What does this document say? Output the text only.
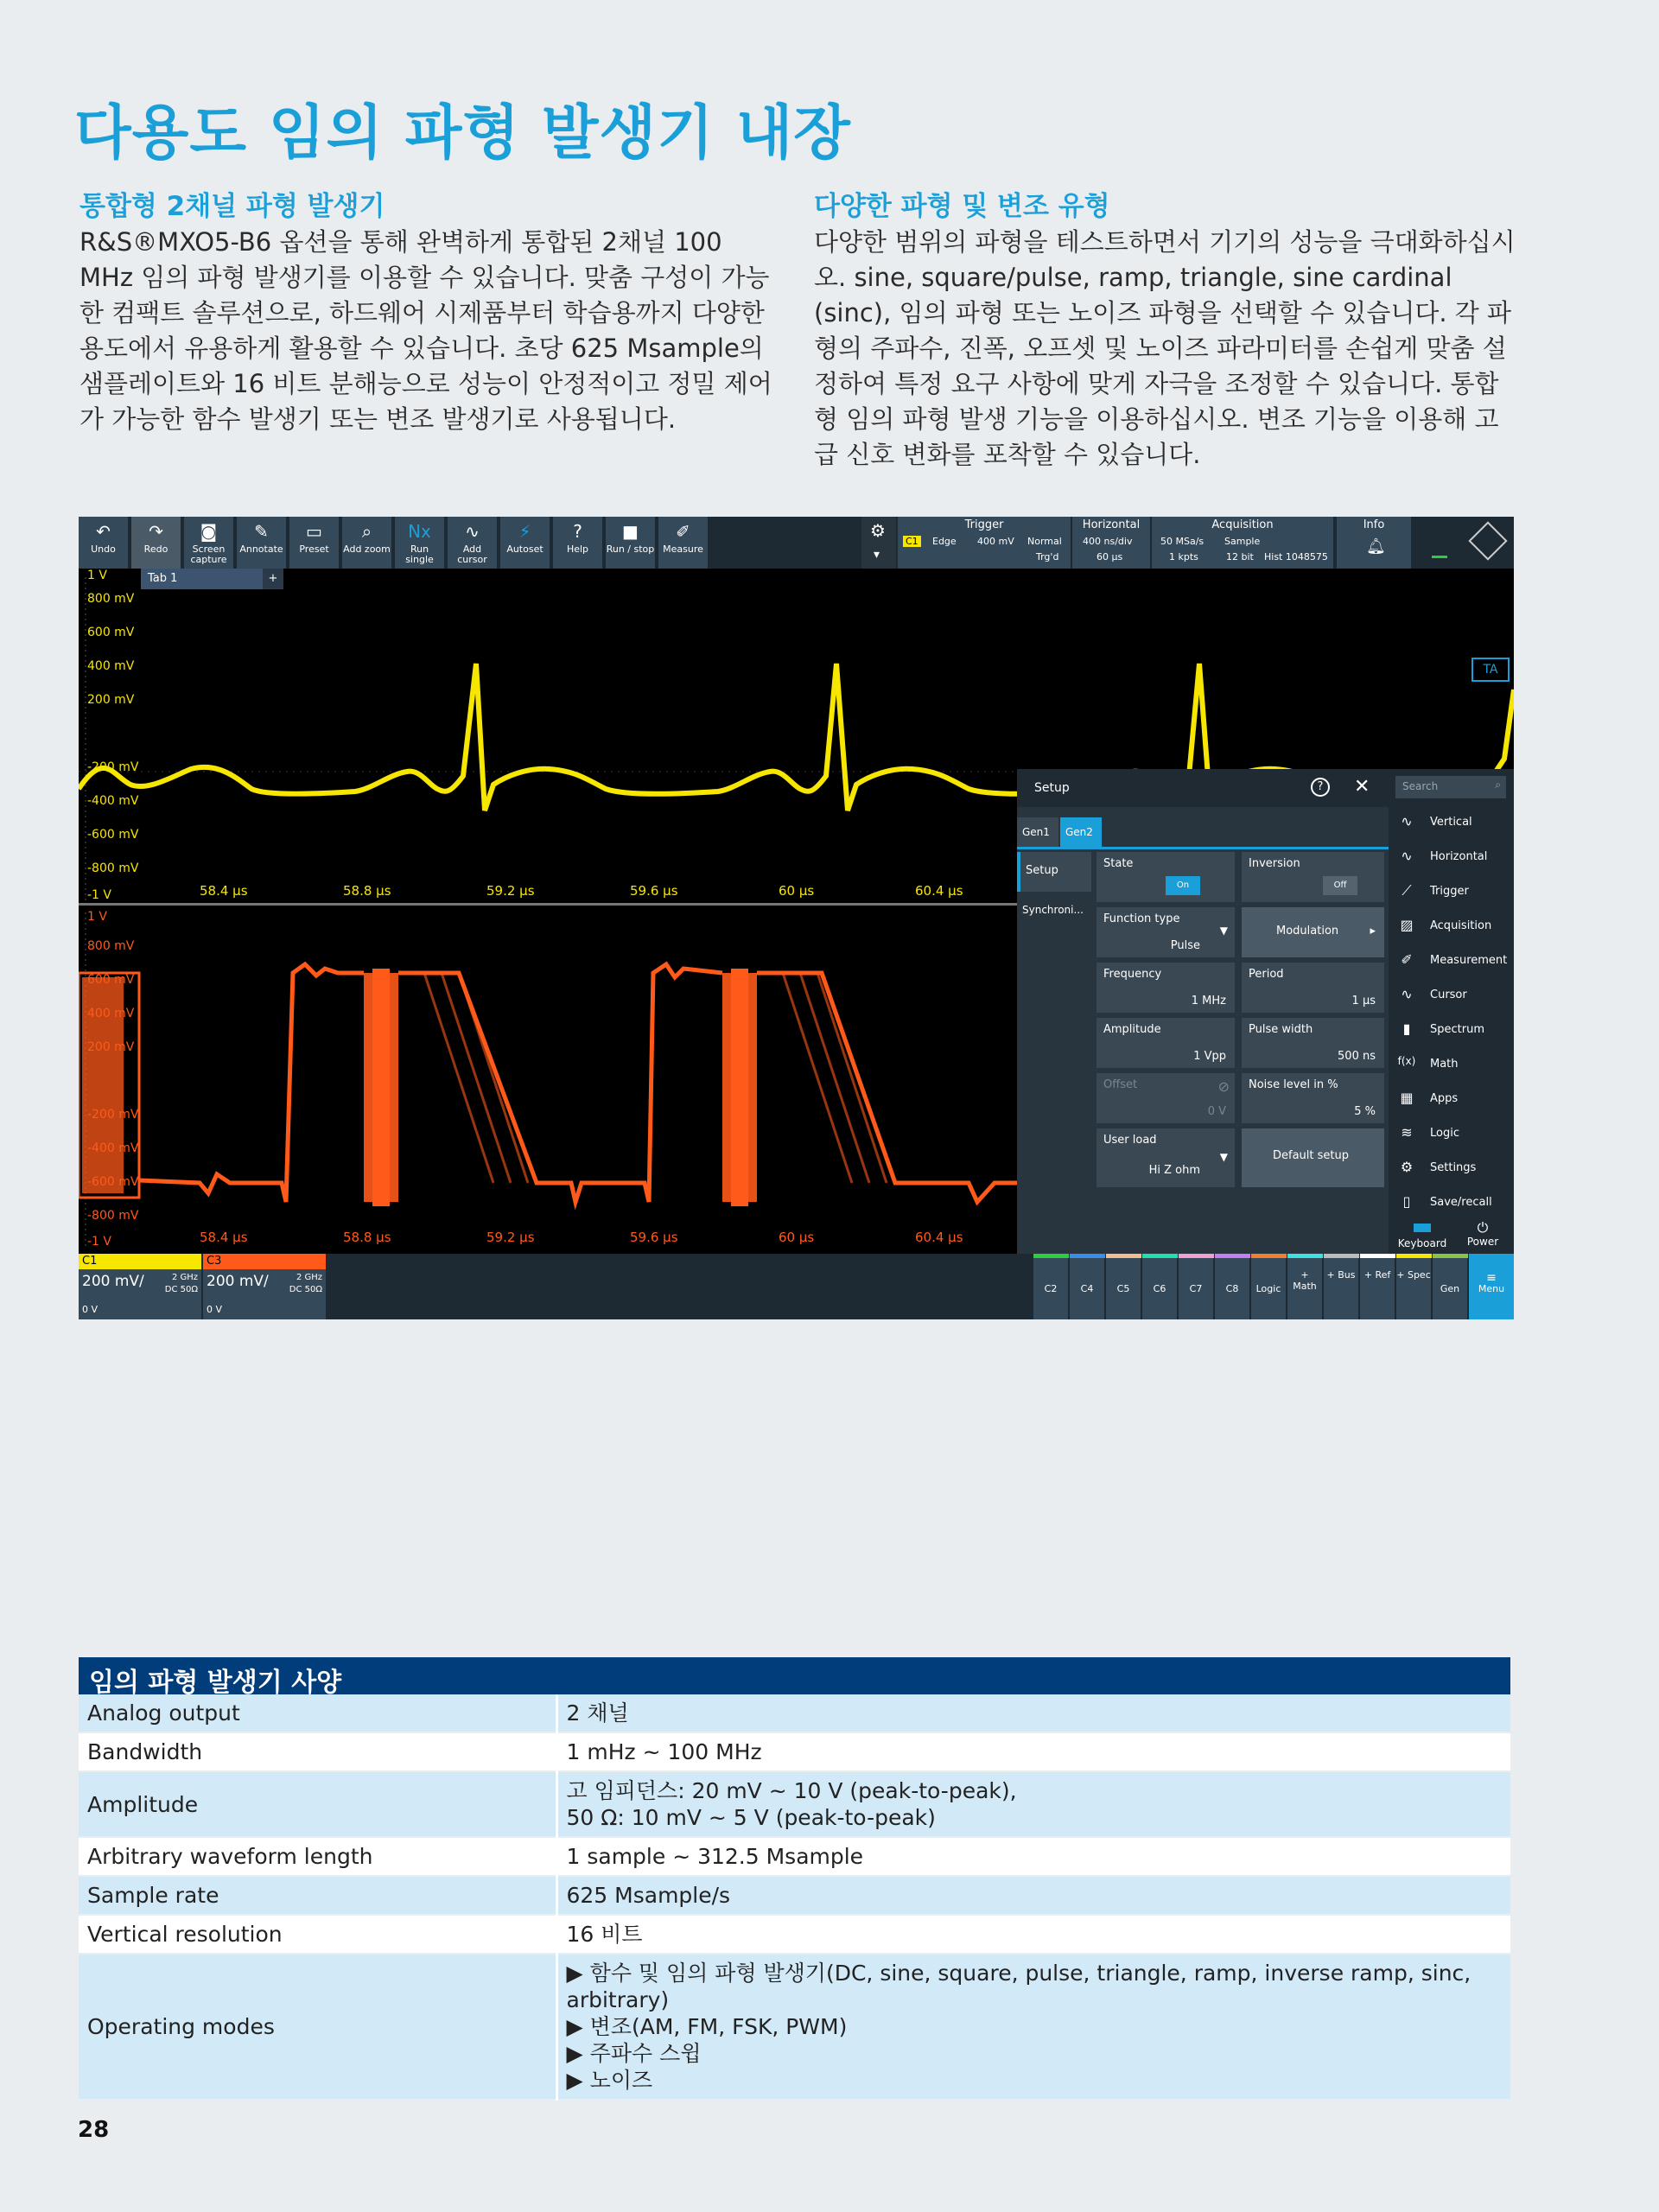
다용도 임의 파형 발생기 내장
통합형 2채널 파형 발생기

R&S®MXO5-B6 옵션을 통해 완벽하게 통합된 2채널 100 MHz 임의 파형 발생기를 이용할 수 있습니다. 맞춤 구성이 가능한 컴팩트 솔루션으로, 하드웨어 시제품부터 학습용까지 다양한 용도에서 유용하게 활용할 수 있습니다. 초당 625 Msample의 샘플레이트와 16 비트 분해능으로 성능이 안정적이고 정밀 제어가 가능한 함수 발생기 또는 변조 발생기로 사용됩니다.

다양한 파형 및 변조 유형

다양한 범위의 파형을 테스트하면서 기기의 성능을 극대화하십시오. sine, square/pulse, ramp, triangle, sine cardinal (sinc), 임의 파형 또는 노이즈 파형을 선택할 수 있습니다. 각 파형의 주파수, 진폭, 오프셋 및 노이즈 파라미터를 손쉽게 맞춤 설정하여 특정 요구 사항에 맞게 자극을 조정할 수 있습니다. 통합형 임의 파형 발생 기능을 이용하십시오. 변조 기능을 이용해 고급 신호 변화를 포착할 수 있습니다.

↶
Undo
↷
Redo
◙
Screen capture
✎
Annotate
▭
Preset
⌕
Add zoom
Nx
Run single
∿
Add cursor
⚡
Autoset
?
Help
■
Run / stop
✐
Measure
⚙
▾
Trigger
C1 Edge 400 mV Normal
Trg'd
Horizontal
400 ns/div
60 µs
Acquisition
50 MSa/s Sample
1 kpts	12 bit Hist 1048575
Info
🔔︎
Tab 1	+
TA
1 V
800 mV
600 mV
400 mV
200 mV
-200 mV
-400 mV
-600 mV
-800 mV
-1 V	58.4 µs	58.8 µs	59.2 µs	59.6 µs	60 µs	60.4 µs
1 V
800 mV
600 mV
400 mV
200 mV
-200 mV
-400 mV
-600 mV
-800 mV
-1 V	58.4 µs	58.8 µs	59.2 µs	59.6 µs	60 µs	60.4 µs
Setup	?	✕
Gen1	Gen2
Setup
Synchroni...
State
On
Inversion
Off
Function type
Pulse
▼	Modulation	▸
Frequency
1 MHz
Period
1 µs
Amplitude
1 Vpp
Pulse width
500 ns
Offset	⊘
0 V
Noise level in %
5 %
User load
Hi Z ohm
▼	Default setup
Search	⌕
∿	Vertical
∿	Horizontal
⟋	Trigger
▨ Acquisition
✐	Measurement
∿	Cursor
▮	Spectrum
f(x) Math
▦ Apps
≋	Logic
⚙ Settings
▯	Save/recall
Keyboard
⏻
Power
C1
200 mV/	2 GHz
DC 50Ω
0 V
C3
200 mV/	2 GHz
DC 50Ω
0 V
C2	C4	C5	C6	C7	C8	Logic
+ Math
+ Bus + Ref + Spec
Gen
≡
Menu
임의 파형 발생기 사양
Analog output	2 채널
Bandwidth	1 mHz ~ 100 MHz
Amplitude	고 임피던스: 20 mV ~ 10 V (peak-to-peak),
50 Ω: 10 mV ~ 5 V (peak-to-peak)

Arbitrary waveform length	1 sample ~ 312.5 Msample
Sample rate	625 Msample/s
Vertical resolution	16 비트
Operating modes	▶ 함수 및 임의 파형 발생기(DC, sine, square, pulse, triangle, ramp, inverse ramp, sinc, arbitrary)
▶ 변조(AM, FM, FSK, PWM)
▶ 주파수 스윕
▶ 노이즈
28
